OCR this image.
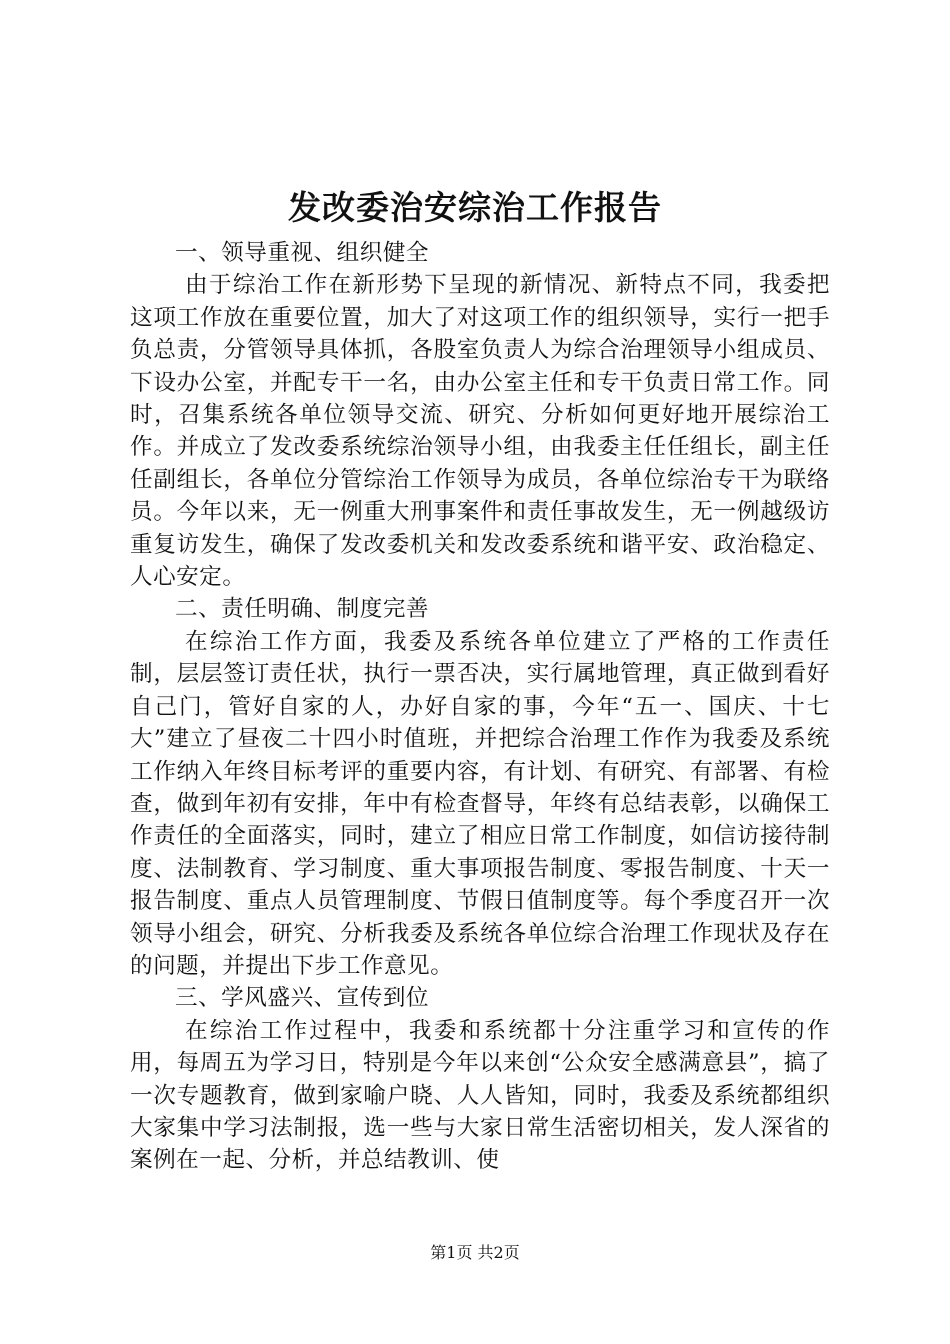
发改委治安综治工作报告

一、领导重视、组织健全

由于综治工作在新形势下呈现的新情况、新特点不同，我委把这项工作放在重要位置，加大了对这项工作的组织领导，实行一把手负总责，分管领导具体抓，各股室负责人为综合治理领导小组成员、下设办公室，并配专干一名，由办公室主任和专干负责日常工作。同时，召集系统各单位领导交流、研究、分析如何更好地开展综治工作。并成立了发改委系统综治领导小组，由我委主任任组长，副主任任副组长，各单位分管综治工作领导为成员，各单位综治专干为联络员。今年以来，无一例重大刑事案件和责任事故发生，无一例越级访重复访发生，确保了发改委机关和发改委系统和谐平安、政治稳定、人心安定。

二、责任明确、制度完善

在综治工作方面，我委及系统各单位建立了严格的工作责任制，层层签订责任状，执行一票否决，实行属地管理，真正做到看好自己门，管好自家的人，办好自家的事，今年“五一、国庆、十七大”建立了昼夜二十四小时值班，并把综合治理工作作为我委及系统工作纳入年终目标考评的重要内容，有计划、有研究、有部署、有检查，做到年初有安排，年中有检查督导，年终有总结表彰，以确保工作责任的全面落实，同时，建立了相应日常工作制度，如信访接待制度、法制教育、学习制度、重大事项报告制度、零报告制度、十天一报告制度、重点人员管理制度、节假日值制度等。每个季度召开一次领导小组会，研究、分析我委及系统各单位综合治理工作现状及存在的问题，并提出下步工作意见。

三、学风盛兴、宣传到位

在综治工作过程中，我委和系统都十分注重学习和宣传的作用，每周五为学习日，特别是今年以来创“公众安全感满意县”，搞了一次专题教育，做到家喻户晓、人人皆知，同时，我委及系统都组织大家集中学习法制报，选一些与大家日常生活密切相关，发人深省的案例在一起、分析，并总结教训、使

第1页 共2页
